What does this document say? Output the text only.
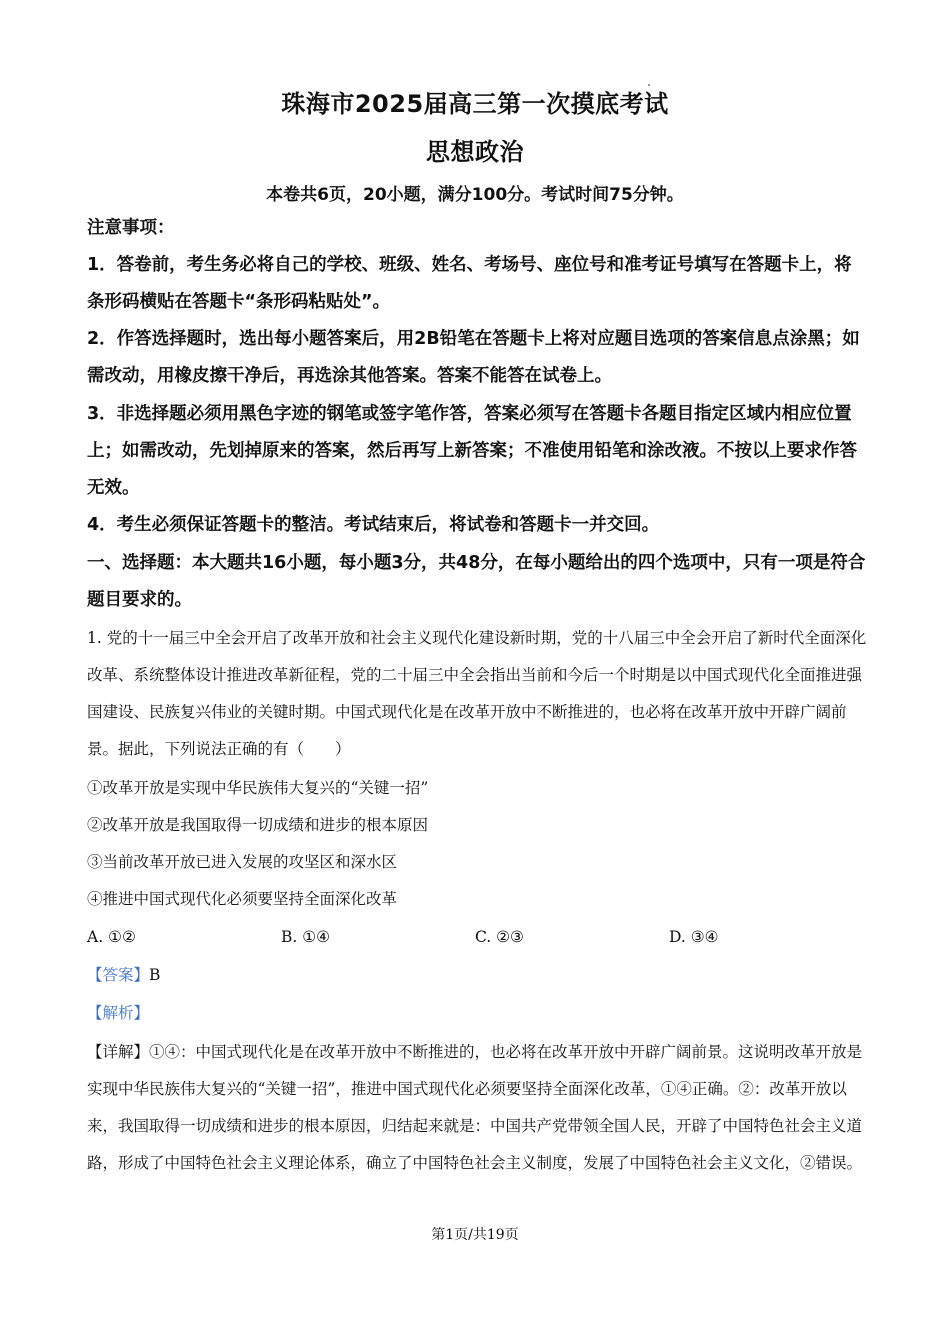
珠海市2025届高三第一次摸底考试
思想政治
本卷共6页，20小题，满分100分。考试时间75分钟。

注意事项：

1．答卷前，考生务必将自己的学校、班级、姓名、考场号、座位号和准考证号填写在答题卡上，将条形码横贴在答题卡“条形码粘贴处”。

2．作答选择题时，选出每小题答案后，用2B铅笔在答题卡上将对应题目选项的答案信息点涂黑；如需改动，用橡皮擦干净后，再选涂其他答案。答案不能答在试卷上。

3．非选择题必须用黑色字迹的钢笔或签字笔作答，答案必须写在答题卡各题目指定区域内相应位置上；如需改动，先划掉原来的答案，然后再写上新答案；不准使用铅笔和涂改液。不按以上要求作答无效。

4．考生必须保证答题卡的整洁。考试结束后，将试卷和答题卡一并交回。

一、选择题：本大题共16小题，每小题3分，共48分，在每小题给出的四个选项中，只有一项是符合题目要求的。

1. 党的十一届三中全会开启了改革开放和社会主义现代化建设新时期，党的十八届三中全会开启了新时代全面深化改革、系统整体设计推进改革新征程，党的二十届三中全会指出当前和今后一个时期是以中国式现代化全面推进强国建设、民族复兴伟业的关键时期。中国式现代化是在改革开放中不断推进的，也必将在改革开放中开辟广阔前景。据此，下列说法正确的有（　　）

①改革开放是实现中华民族伟大复兴的“关键一招”

②改革开放是我国取得一切成绩和进步的根本原因

③当前改革开放已进入发展的攻坚区和深水区

④推进中国式现代化必须要坚持全面深化改革

A. ①②	B. ①④	C. ②③	D. ③④

【答案】B

【解析】

【详解】①④：中国式现代化是在改革开放中不断推进的，也必将在改革开放中开辟广阔前景。这说明改革开放是实现中华民族伟大复兴的“关键一招”，推进中国式现代化必须要坚持全面深化改革，①④正确。②：改革开放以来，我国取得一切成绩和进步的根本原因，归结起来就是：中国共产党带领全国人民，开辟了中国特色社会主义道路，形成了中国特色社会主义理论体系，确立了中国特色社会主义制度，发展了中国特色社会主义文化，②错误。

第1页/共19页
